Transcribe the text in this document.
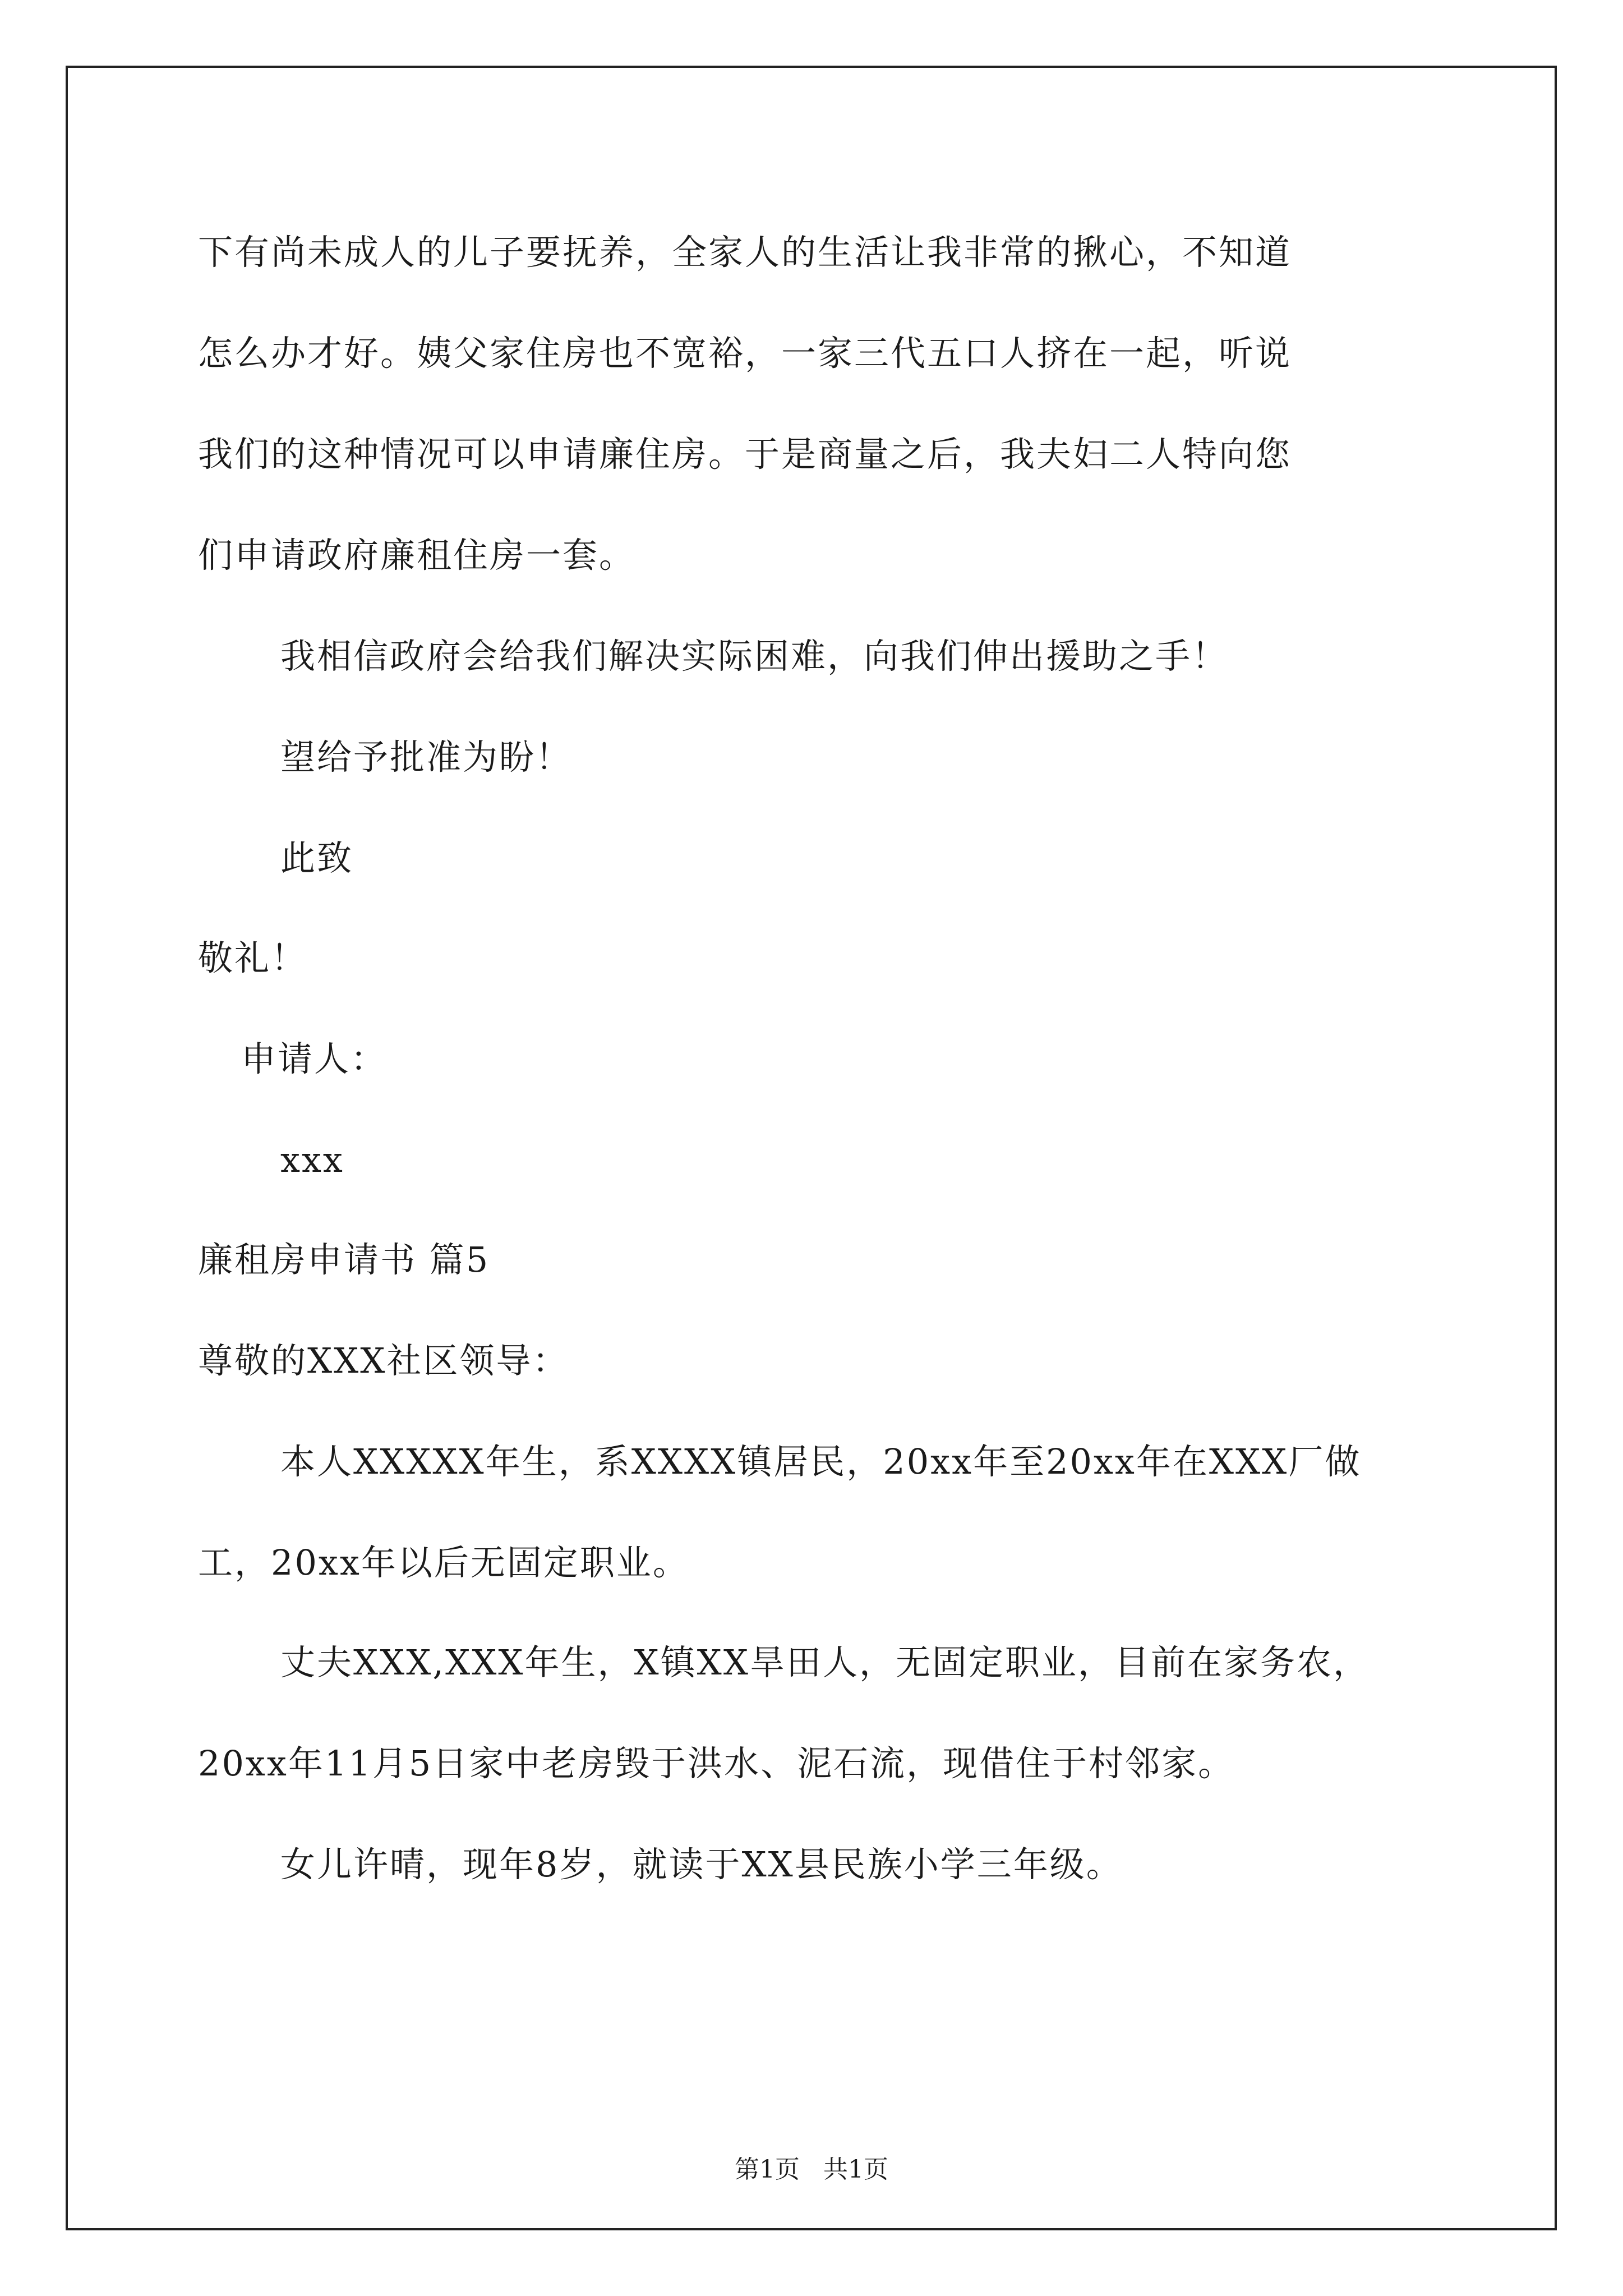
下有尚未成人的儿子要抚养，全家人的生活让我非常的揪心，不知道

怎么办才好。姨父家住房也不宽裕，一家三代五口人挤在一起，听说

我们的这种情况可以申请廉住房。于是商量之后，我夫妇二人特向您

们申请政府廉租住房一套。

我相信政府会给我们解决实际困难，向我们伸出援助之手！

望给予批准为盼！

此致

敬礼！

申请人：

xxx

廉租房申请书 篇5

尊敬的XXX社区领导：

本人XXXXX年生，系XXXX镇居民，20xx年至20xx年在XXX厂做

工，20xx年以后无固定职业。

丈夫XXX,XXX年生，X镇XX旱田人，无固定职业，目前在家务农，

20xx年11月5日家中老房毁于洪水、泥石流，现借住于村邻家。

女儿许晴，现年8岁，就读于XX县民族小学三年级。

第1页   共1页
